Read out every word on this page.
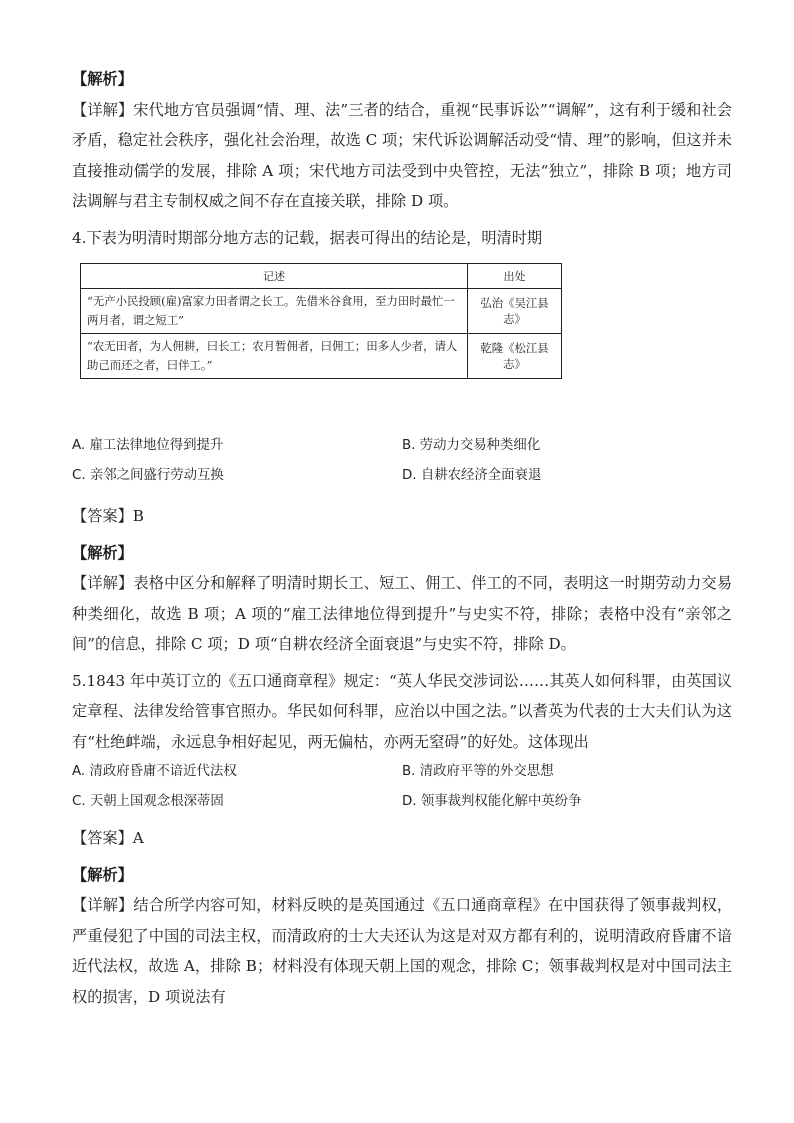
【解析】

【详解】宋代地方官员强调“情、理、法”三者的结合，重视“民事诉讼”“调解”，这有利于缓和社会矛盾，稳定社会秩序，强化社会治理，故选 C 项；宋代诉讼调解活动受“情、理”的影响，但这并未直接推动儒学的发展，排除 A 项；宋代地方司法受到中央管控，无法“独立”，排除 B 项；地方司法调解与君主专制权威之间不存在直接关联，排除 D 项。

4.下表为明清时期部分地方志的记载，据表可得出的结论是，明清时期

记述	出处
“无产小民投顾(雇)富家力田者谓之长工。先借米谷食用，至力田时最忙一两月者，谓之短工”	弘治《吴江县志》
“农无田者，为人佣耕，曰长工；农月暂佣者，曰佣工；田多人少者，请人助己而还之者，曰伴工。”	乾隆《松江县志》
A. 雇工法律地位得到提升	B. 劳动力交易种类细化
C. 亲邻之间盛行劳动互换	D. 自耕农经济全面衰退

【答案】B

【解析】

【详解】表格中区分和解释了明清时期长工、短工、佣工、伴工的不同，表明这一时期劳动力交易种类细化，故选 B 项；A 项的“雇工法律地位得到提升”与史实不符，排除；表格中没有“亲邻之间”的信息，排除 C 项；D 项“自耕农经济全面衰退”与史实不符，排除 D。

5.1843 年中英订立的《五口通商章程》规定：“英人华民交涉词讼……其英人如何科罪，由英国议定章程、法律发给管事官照办。华民如何科罪，应治以中国之法。”以耆英为代表的士大夫们认为这有“杜绝衅端，永远息争相好起见，两无偏枯，亦两无窒碍”的好处。这体现出

A. 清政府昏庸不谙近代法权	B. 清政府平等的外交思想
C. 天朝上国观念根深蒂固	D. 领事裁判权能化解中英纷争

【答案】A

【解析】

【详解】结合所学内容可知，材料反映的是英国通过《五口通商章程》在中国获得了领事裁判权，严重侵犯了中国的司法主权，而清政府的士大夫还认为这是对双方都有利的，说明清政府昏庸不谙近代法权，故选 A，排除 B；材料没有体现天朝上国的观念，排除 C；领事裁判权是对中国司法主权的损害，D 项说法有
